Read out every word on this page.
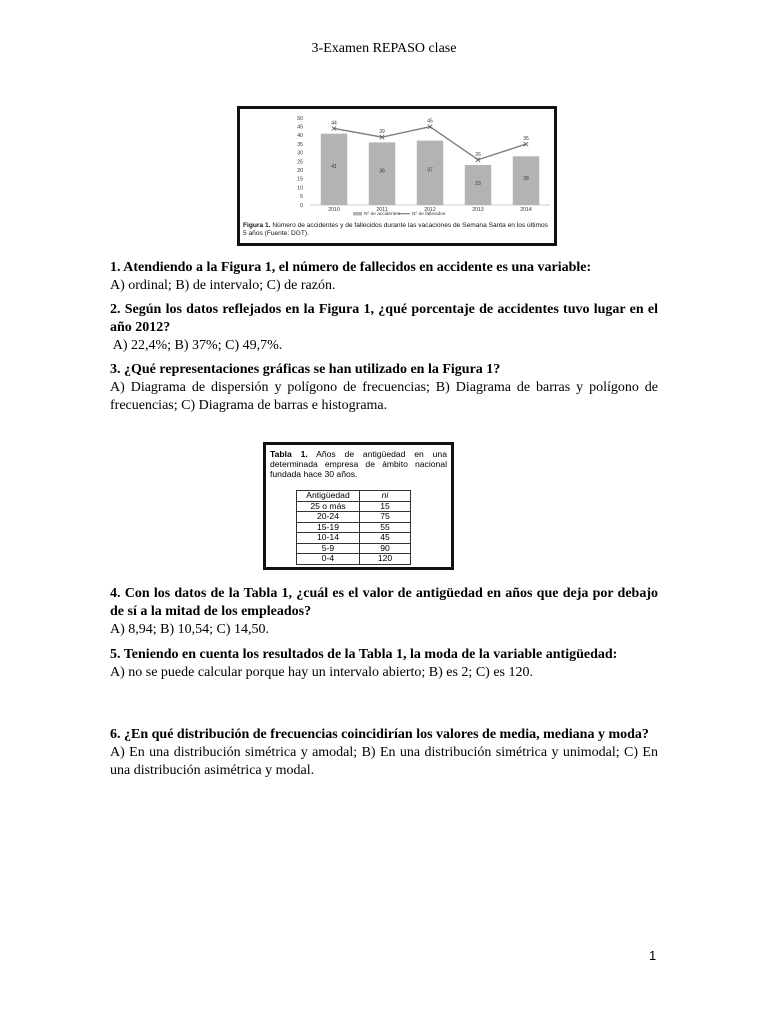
3-Examen REPASO clase
0
5
10
15
20
25
30
35
40
45
50
41
36	37
23
28
2010	2011	2012	2013	2014
44
39
45
26
35
Nº de accidentes Nº de fallecidos
Figura 1. Número de accidentes y de fallecidos durante las vacaciones de Semana Santa en los últimos 5 años (Fuente: DGT).
1. Atendiendo a la Figura 1, el número de fallecidos en accidente es una variable:
A) ordinal; B) de intervalo; C) de razón.
2. Según los datos reflejados en la Figura 1, ¿qué porcentaje de accidentes tuvo lugar en el año 2012?
A) 22,4%; B) 37%; C) 49,7%.
3. ¿Qué representaciones gráficas se han utilizado en la Figura 1?
A) Diagrama de dispersión y polígono de frecuencias; B) Diagrama de barras y polígono de frecuencias; C) Diagrama de barras e histograma.
Tabla 1. Años de antigüedad en una determinada empresa de ámbito nacional fundada hace 30 años.
Antigüedad	ni
25 o más	15
20-24	75
15-19	55
10-14	45
5-9	90
0-4	120
4. Con los datos de la Tabla 1, ¿cuál es el valor de antigüedad en años que deja por debajo de sí a la mitad de los empleados?
A) 8,94; B) 10,54; C) 14,50.
5. Teniendo en cuenta los resultados de la Tabla 1, la moda de la variable antigüedad:
A) no se puede calcular porque hay un intervalo abierto; B) es 2; C) es 120.
6. ¿En qué distribución de frecuencias coincidirían los valores de media, mediana y moda?
A) En una distribución simétrica y amodal; B) En una distribución simétrica y unimodal; C) En una distribución asimétrica y modal.
1
